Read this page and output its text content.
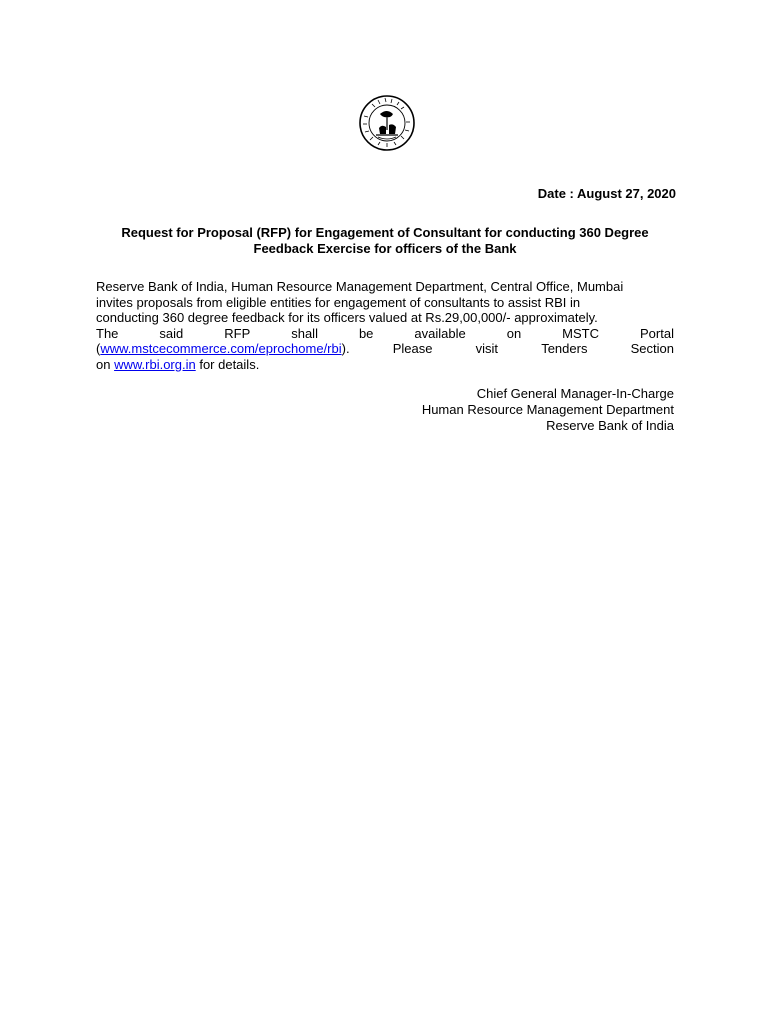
Date : August 27, 2020
Request for Proposal (RFP) for Engagement of Consultant for conducting 360 Degree
Feedback Exercise for officers of the Bank
Reserve Bank of India, Human Resource Management Department, Central Office, Mumbai
invites proposals from eligible entities for engagement of consultants to assist RBI in
conducting 360 degree feedback for its officers valued at Rs.29,00,000/- approximately.
The	said	RFP	shall	be	available	on	MSTC	Portal
(www.mstcecommerce.com/eprochome/rbi).	Please	visit	Tenders	Section
on www.rbi.org.in for details.
Chief General Manager-In-Charge
Human Resource Management Department
Reserve Bank of India
